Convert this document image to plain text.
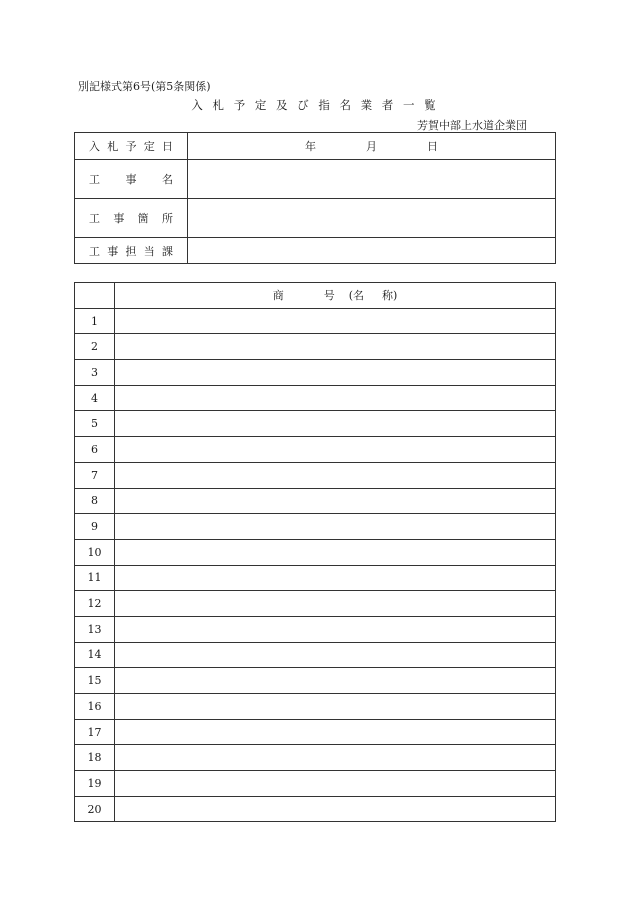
別記様式第6号(第5条関係)
入 札 予 定 及 び 指 名 業 者 一 覧
芳賀中部上水道企業団
入札予定日	年 月 日

工事名	

工事箇所	

工事担当課	

	商 号 (名 称)
1	
2	
3	
4	
5	
6	
7	
8	
9	
10	
11	
12	
13	
14	
15	
16	
17	
18	
19	
20	
